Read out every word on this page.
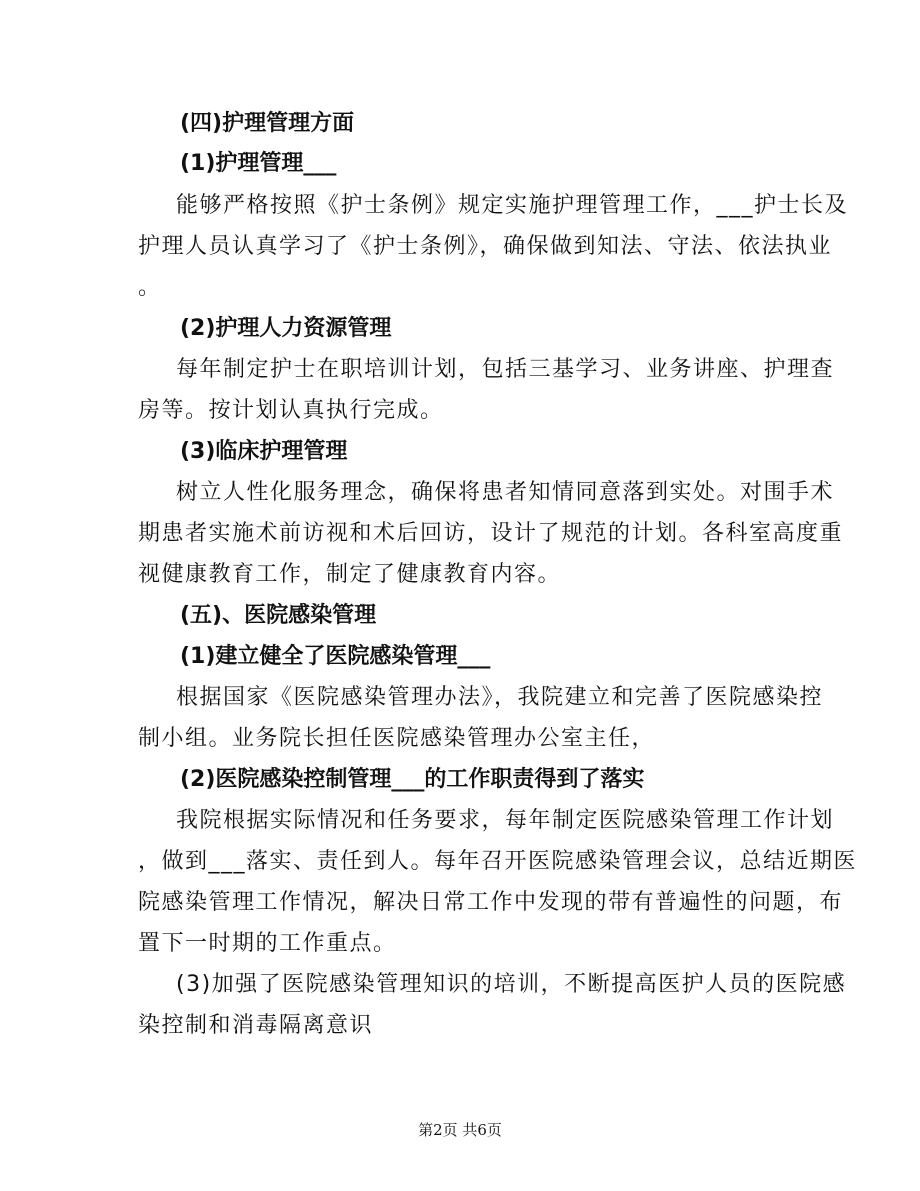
(四)护理管理方面
(1)护理管理___
能够严格按照《护士条例》规定实施护理管理工作，___护士长及
护理人员认真学习了《护士条例》，确保做到知法、守法、依法执业
。
(2)护理人力资源管理
每年制定护士在职培训计划，包括三基学习、业务讲座、护理查
房等。按计划认真执行完成。
(3)临床护理管理
树立人性化服务理念，确保将患者知情同意落到实处。对围手术
期患者实施术前访视和术后回访，设计了规范的计划。各科室高度重
视健康教育工作，制定了健康教育内容。
(五)、医院感染管理
(1)建立健全了医院感染管理___
根据国家《医院感染管理办法》，我院建立和完善了医院感染控
制小组。业务院长担任医院感染管理办公室主任，
(2)医院感染控制管理___的工作职责得到了落实
我院根据实际情况和任务要求，每年制定医院感染管理工作计划
，做到___落实、责任到人。每年召开医院感染管理会议，总结近期医
院感染管理工作情况，解决日常工作中发现的带有普遍性的问题，布
置下一时期的工作重点。
(3)加强了医院感染管理知识的培训，不断提高医护人员的医院感
染控制和消毒隔离意识
第2页 共6页
